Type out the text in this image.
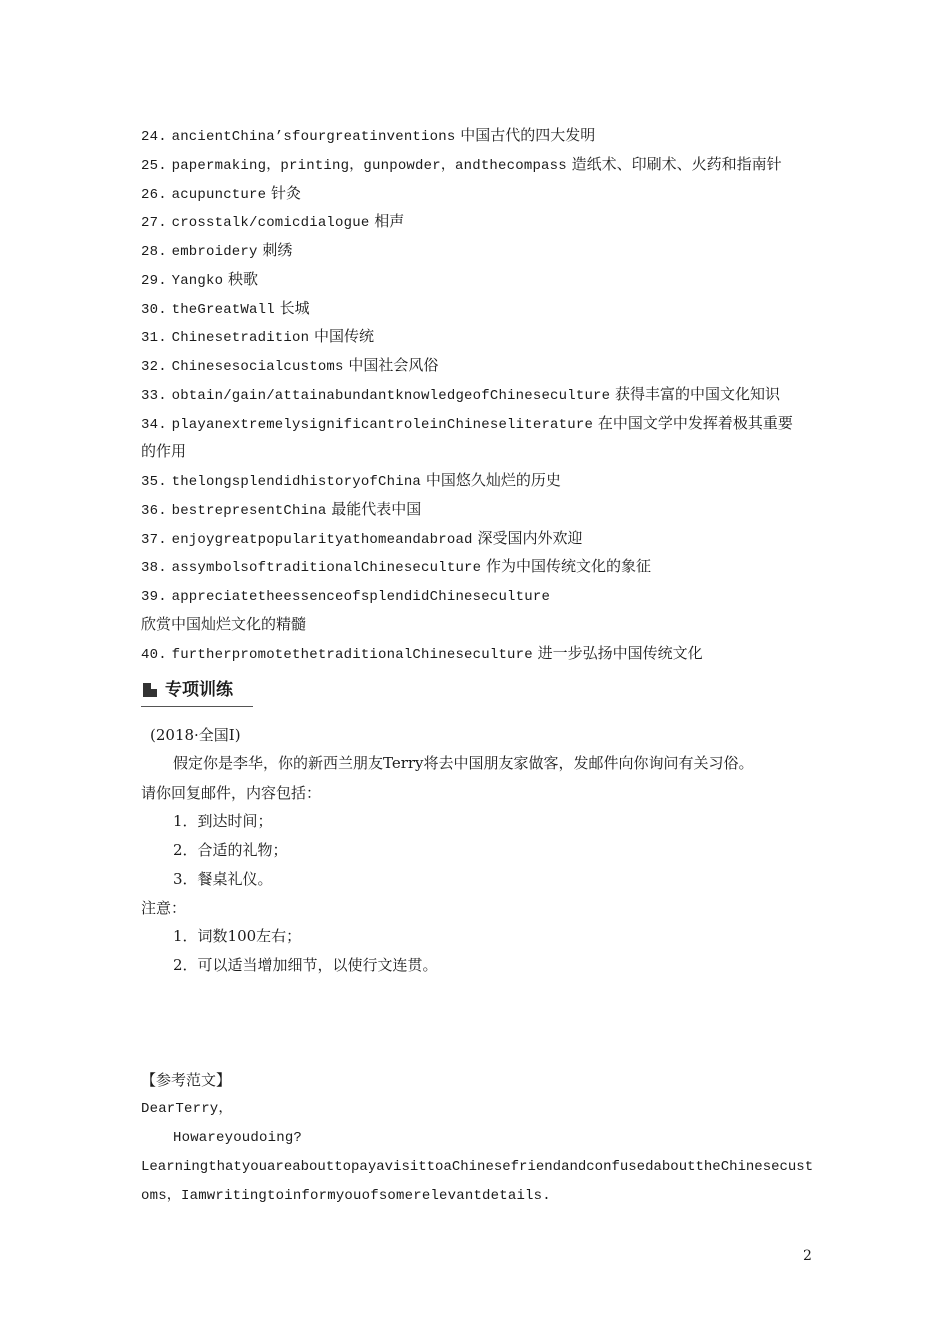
24. ancientChina’sfourgreatinventions 中国古代的四大发明
25. papermaking，printing，gunpowder，andthecompass 造纸术、印刷术、火药和指南针
26. acupuncture 针灸
27. crosstalk/comicdialogue 相声
28. embroidery 刺绣
29. Yangko 秧歌
30. theGreatWall 长城
31. Chinesetradition 中国传统
32. Chinesesocialcustoms 中国社会风俗
33. obtain/gain/attainabundantknowledgeofChineseculture 获得丰富的中国文化知识
34. playanextremelysignificantroleinChineseliterature 在中国文学中发挥着极其重要
的作用
35. thelongsplendidhistoryofChina 中国悠久灿烂的历史
36. bestrepresentChina 最能代表中国
37. enjoygreatpopularityathomeandabroad 深受国内外欢迎
38. assymbolsoftraditionalChineseculture 作为中国传统文化的象征
39. appreciatetheessenceofsplendidChineseculture
欣赏中国灿烂文化的精髓
40. furtherpromotethetraditionalChineseculture 进一步弘扬中国传统文化
专项训练
(2018·全国Ⅰ)
假定你是李华，你的新西兰朋友Terry将去中国朋友家做客，发邮件向你询问有关习俗。
请你回复邮件，内容包括：
1．到达时间；
2．合适的礼物；
3．餐桌礼仪。
注意：
1．词数100左右；
2．可以适当增加细节，以使行文连贯。
【参考范文】
DearTerry，
Howareyoudoing?
LearningthatyouareabouttopayavisittoaChinesefriendandconfusedabouttheChinesecust
oms，Iamwritingtoinformyouofsomerelevantdetails.
2
